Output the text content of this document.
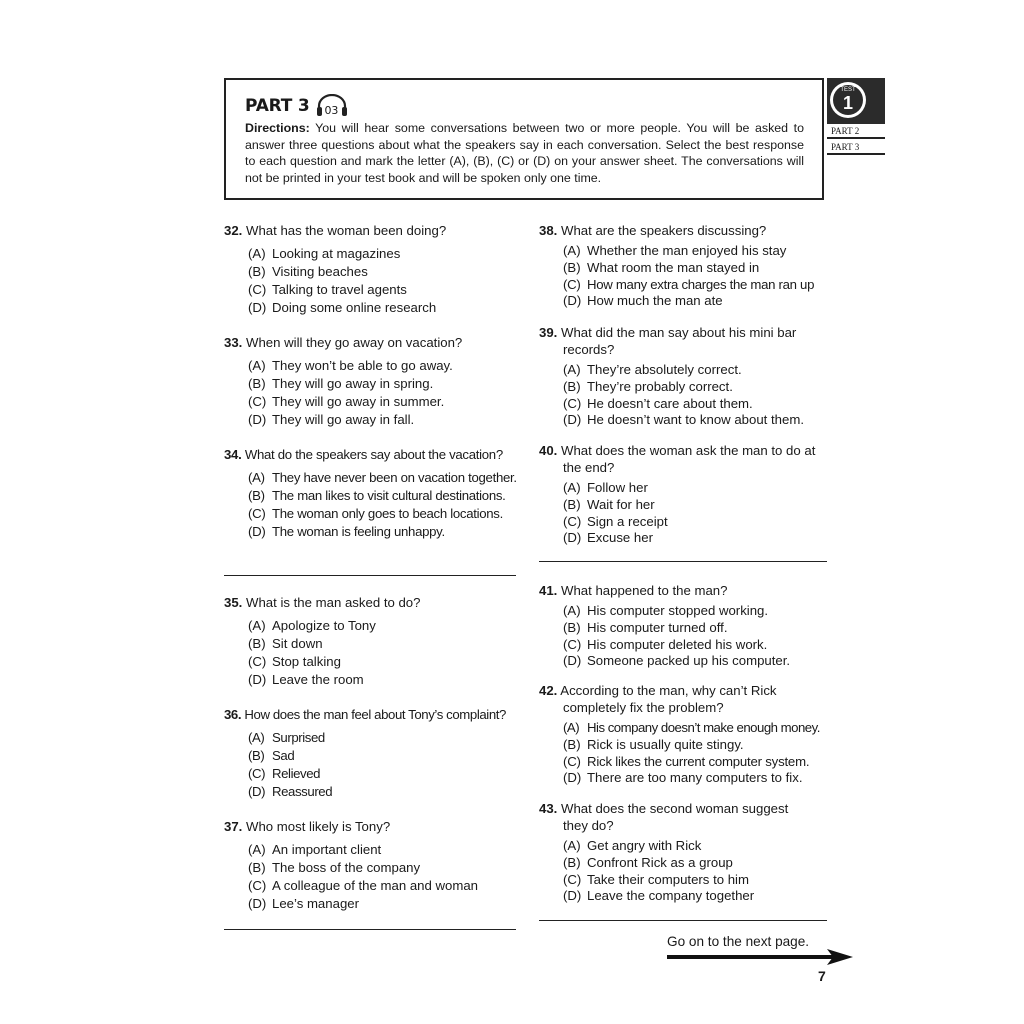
PART 3 03
Directions: You will hear some conversations between two or more people. You will be asked to answer three questions about what the speakers say in each conversation. Select the best response to each question and mark the letter (A), (B), (C) or (D) on your answer sheet. The conversations will not be printed in your test book and will be spoken only one time.
TEST
1
PART 2
PART 3
32. What has the woman been doing?
(A) Looking at magazines
(B) Visiting beaches
(C) Talking to travel agents
(D) Doing some online research
33. When will they go away on vacation?
(A) They won’t be able to go away.
(B) They will go away in spring.
(C) They will go away in summer.
(D) They will go away in fall.
34. What do the speakers say about the vacation?
(A) They have never been on vacation together.
(B) The man likes to visit cultural destinations.
(C) The woman only goes to beach locations.
(D) The woman is feeling unhappy.
35. What is the man asked to do?
(A) Apologize to Tony
(B) Sit down
(C) Stop talking
(D) Leave the room
36. How does the man feel about Tony’s complaint?
(A) Surprised
(B) Sad
(C) Relieved
(D) Reassured
37. Who most likely is Tony?
(A) An important client
(B) The boss of the company
(C) A colleague of the man and woman
(D) Lee’s manager
38. What are the speakers discussing?
(A) Whether the man enjoyed his stay
(B) What room the man stayed in
(C) How many extra charges the man ran up
(D) How much the man ate
39. What did the man say about his mini bar records?
(A) They’re absolutely correct.
(B) They’re probably correct.
(C) He doesn’t care about them.
(D) He doesn’t want to know about them.
40. What does the woman ask the man to do at the end?
(A) Follow her
(B) Wait for her
(C) Sign a receipt
(D) Excuse her
41. What happened to the man?
(A) His computer stopped working.
(B) His computer turned off.
(C) His computer deleted his work.
(D) Someone packed up his computer.
42. According to the man, why can’t Rick completely fix the problem?
(A) His company doesn’t make enough money.
(B) Rick is usually quite stingy.
(C) Rick likes the current computer system.
(D) There are too many computers to fix.
43. What does the second woman suggest they do?
(A) Get angry with Rick
(B) Confront Rick as a group
(C) Take their computers to him
(D) Leave the company together
Go on to the next page.
7
